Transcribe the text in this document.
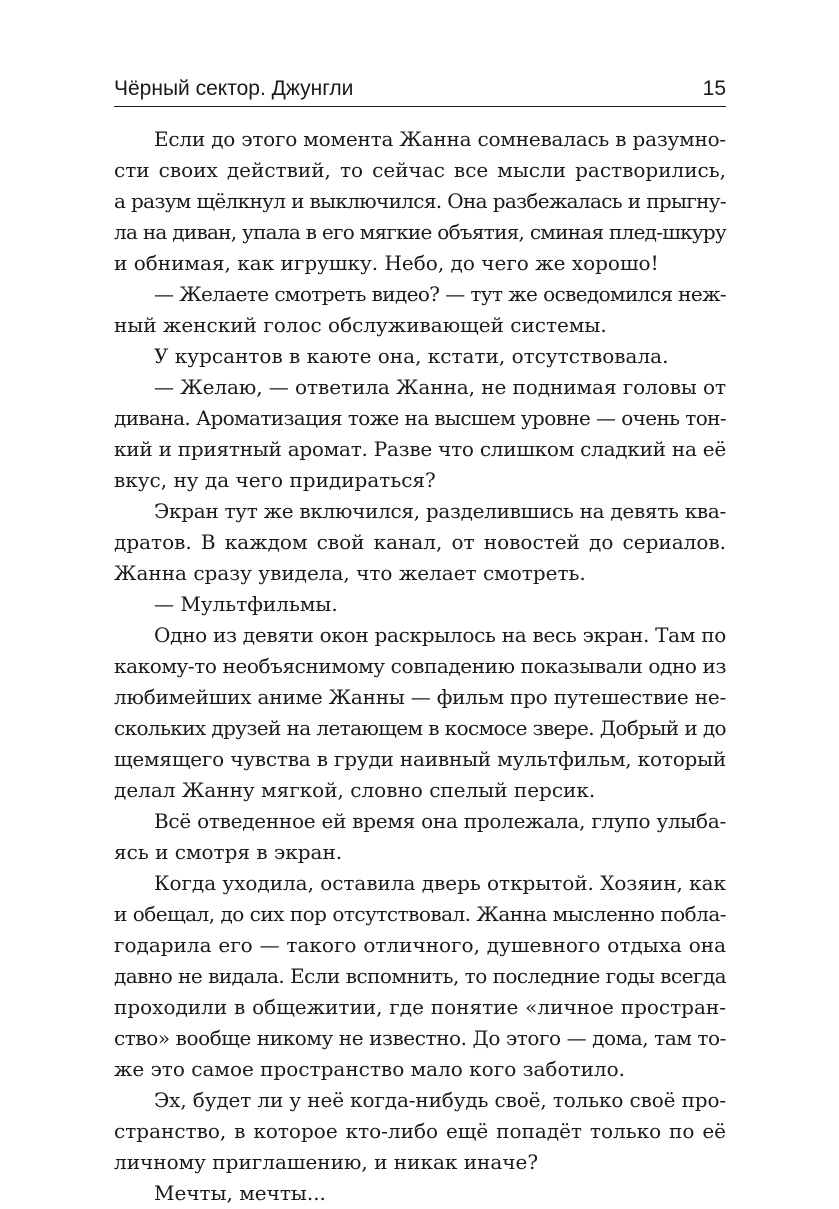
Чёрный сектор. Джунгли	15
Если до этого момента Жанна сомневалась в разумно-
сти своих действий, то сейчас все мысли растворились,
а разум щёлкнул и выключился. Она разбежалась и прыгну-
ла на диван, упала в его мягкие объятия, сминая плед-шкуру
и обнимая, как игрушку. Небо, до чего же хорошо!
— Желаете смотреть видео? — тут же осведомился неж-
ный женский голос обслуживающей системы.
У курсантов в каюте она, кстати, отсутствовала.
— Желаю, — ответила Жанна, не поднимая головы от
дивана. Ароматизация тоже на высшем уровне — очень тон-
кий и приятный аромат. Разве что слишком сладкий на её
вкус, ну да чего придираться?
Экран тут же включился, разделившись на девять ква-
дратов. В каждом свой канал, от новостей до сериалов.
Жанна сразу увидела, что желает смотреть.
— Мультфильмы.
Одно из девяти окон раскрылось на весь экран. Там по
какому-то необъяснимому совпадению показывали одно из
любимейших аниме Жанны — фильм про путешествие не-
скольких друзей на летающем в космосе звере. Добрый и до
щемящего чувства в груди наивный мультфильм, который
делал Жанну мягкой, словно спелый персик.
Всё отведенное ей время она пролежала, глупо улыба-
ясь и смотря в экран.
Когда уходила, оставила дверь открытой. Хозяин, как
и обещал, до сих пор отсутствовал. Жанна мысленно побла-
годарила его — такого отличного, душевного отдыха она
давно не видала. Если вспомнить, то последние годы всегда
проходили в общежитии, где понятие «личное простран-
ство» вообще никому не известно. До этого — дома, там то-
же это самое пространство мало кого заботило.
Эх, будет ли у неё когда-нибудь своё, только своё про-
странство, в которое кто-либо ещё попадёт только по её
личному приглашению, и никак иначе?
Мечты, мечты...
